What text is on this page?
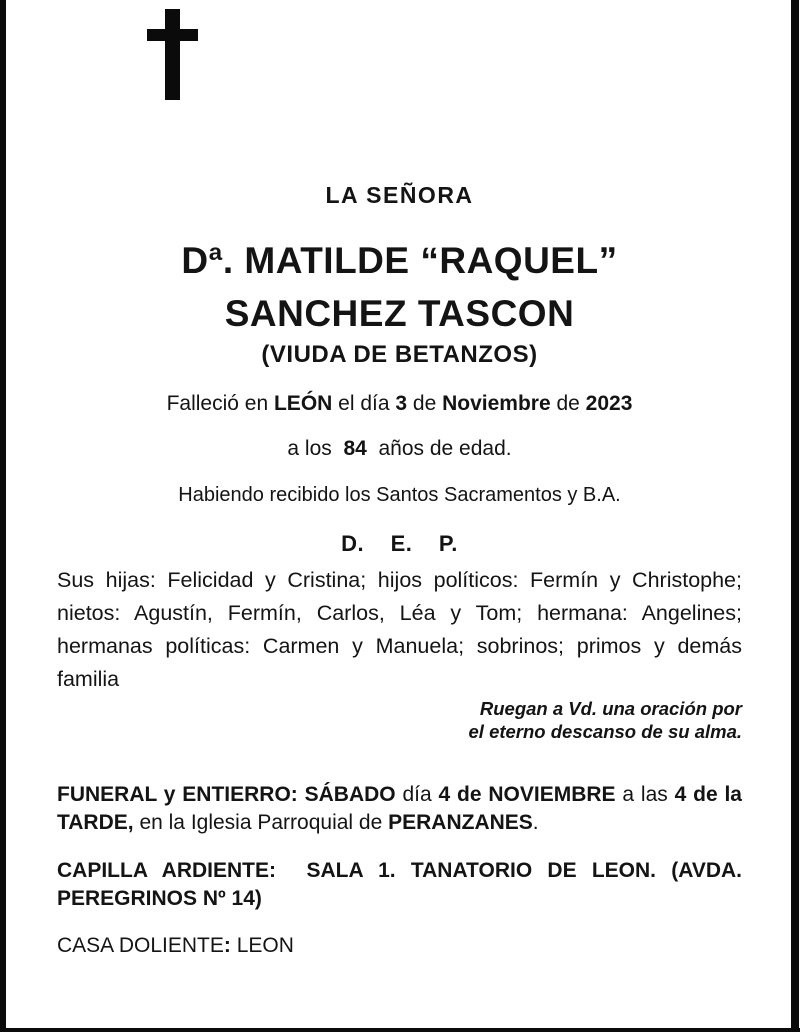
LA SEÑORA
Dª. MATILDE “RAQUEL”
SANCHEZ TASCON
(VIUDA DE BETANZOS)
Falleció en LEÓN el día 3 de Noviembre de 2023
a los  84  años de edad.
Habiendo recibido los Santos Sacramentos y B.A.
D.    E.    P.
Sus hijas: Felicidad y Cristina; hijos políticos: Fermín y Christophe; nietos: Agustín, Fermín, Carlos, Léa y Tom; hermana: Angelines; hermanas políticas: Carmen y Manuela; sobrinos; primos y demás familia
Ruegan a Vd. una oración por
el eterno descanso de su alma.
FUNERAL y ENTIERRO: SÁBADO día 4 de NOVIEMBRE a las 4 de la TARDE, en la Iglesia Parroquial de PERANZANES.
CAPILLA ARDIENTE:  SALA 1. TANATORIO DE LEON. (AVDA. PEREGRINOS Nº 14)
CASA DOLIENTE: LEON
